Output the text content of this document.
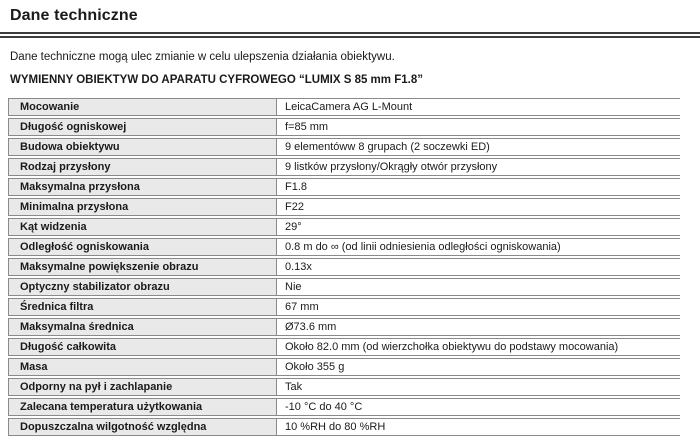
Dane techniczne
Dane techniczne mogą ulec zmianie w celu ulepszenia działania obiektywu.
WYMIENNY OBIEKTYW DO APARATU CYFROWEGO “LUMIX S 85 mm F1.8”
Mocowanie	LeicaCamera AG L-Mount
Długość ogniskowej	f=85 mm
Budowa obiektywu	9 elementóww 8 grupach (2 soczewki ED)
Rodzaj przysłony	9 listków przysłony/Okrągły otwór przysłony
Maksymalna przysłona	F1.8
Minimalna przysłona	F22
Kąt widzenia	29°
Odległość ogniskowania	0.8 m do ∞ (od linii odniesienia odległości ogniskowania)
Maksymalne powiększenie obrazu	0.13x
Optyczny stabilizator obrazu	Nie
Średnica filtra	67 mm
Maksymalna średnica	Ø73.6 mm
Długość całkowita	Około 82.0 mm (od wierzchołka obiektywu do podstawy mocowania)
Masa	Około 355 g
Odporny na pył i zachlapanie	Tak
Zalecana temperatura użytkowania	-10 °C do 40 °C
Dopuszczalna wilgotność względna	10 %RH do 80 %RH
